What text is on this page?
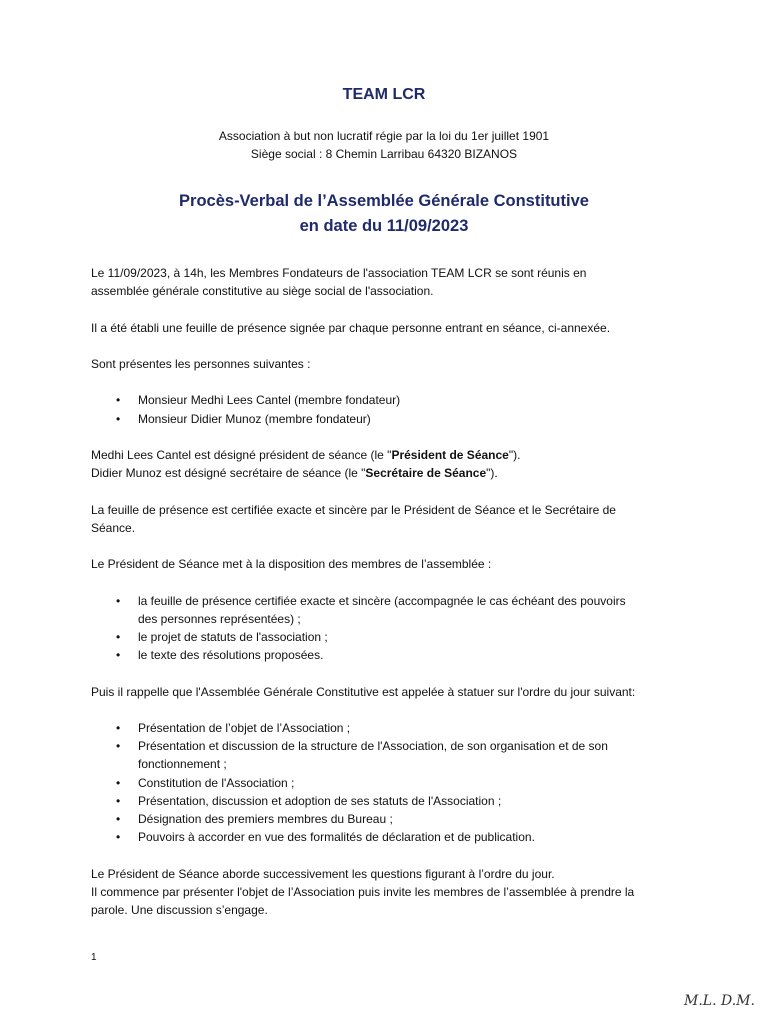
TEAM LCR
Association à but non lucratif régie par la loi du 1er juillet 1901
Siège social : 8 Chemin Larribau 64320 BIZANOS
Procès-Verbal de l’Assemblée Générale Constitutive
en date du 11/09/2023

Le 11/09/2023, à 14h, les Membres Fondateurs de l'association TEAM LCR se sont réunis en
assemblée générale constitutive au siège social de l'association.

Il a été établi une feuille de présence signée par chaque personne entrant en séance, ci-annexée.

Sont présentes les personnes suivantes :

• Monsieur Medhi Lees Cantel (membre fondateur)
• Monsieur Didier Munoz (membre fondateur)

Medhi Lees Cantel est désigné président de séance (le "Président de Séance").
Didier Munoz est désigné secrétaire de séance (le "Secrétaire de Séance").

La feuille de présence est certifiée exacte et sincère par le Président de Séance et le Secrétaire de
Séance.

Le Président de Séance met à la disposition des membres de l’assemblée :

• la feuille de présence certifiée exacte et sincère (accompagnée le cas échéant des pouvoirs
des personnes représentées) ;
• le projet de statuts de l'association ;
• le texte des résolutions proposées.

Puis il rappelle que l'Assemblée Générale Constitutive est appelée à statuer sur l'ordre du jour suivant:

• Présentation de l’objet de l’Association ;
• Présentation et discussion de la structure de l'Association, de son organisation et de son
fonctionnement ;
• Constitution de l'Association ;
• Présentation, discussion et adoption de ses statuts de l'Association ;
• Désignation des premiers membres du Bureau ;
• Pouvoirs à accorder en vue des formalités de déclaration et de publication.

Le Président de Séance aborde successivement les questions figurant à l’ordre du jour.
Il commence par présenter l'objet de l’Association puis invite les membres de l’assemblée à prendre la
parole. Une discussion s’engage.

1
M.L. D.M.
